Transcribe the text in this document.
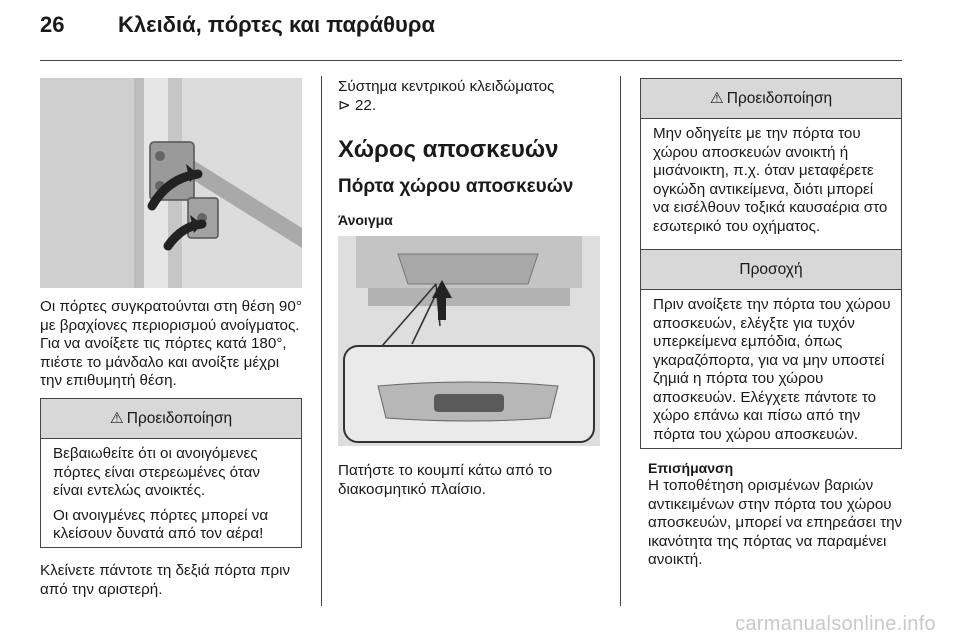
26 Κλειδιά, πόρτες και παράθυρα
Οι πόρτες συγκρατούνται στη θέση 90° με βραχίονες περιορισμού ανοίγματος. Για να ανοίξετε τις πόρτες κατά 180°, πιέστε το μάνδαλο και ανοίξτε μέχρι την επιθυμητή θέση.
⚠ Προειδοποίηση

Βεβαιωθείτε ότι οι ανοιγόμενες πόρτες είναι στερεωμένες όταν είναι εντελώς ανοικτές.

Οι ανοιγμένες πόρτες μπορεί να κλείσουν δυνατά από τον αέρα!

Κλείνετε πάντοτε τη δεξιά πόρτα πριν από την αριστερή.
Σύστημα κεντρικού κλειδώματος
⊳ 22.
Χώρος αποσκευών
Πόρτα χώρου αποσκευών
Άνοιγμα
Πατήστε το κουμπί κάτω από το διακοσμητικό πλαίσιο.
⚠ Προειδοποίηση

Μην οδηγείτε με την πόρτα του χώρου αποσκευών ανοικτή ή μισάνοικτη, π.χ. όταν μεταφέρετε ογκώδη αντικείμενα, διότι μπορεί να εισέλθουν τοξικά καυσαέρια στο εσωτερικό του οχήματος.

Προσοχή

Πριν ανοίξετε την πόρτα του χώρου αποσκευών, ελέγξτε για τυχόν υπερκείμενα εμπόδια, όπως γκαραζόπορτα, για να μην υποστεί ζημιά η πόρτα του χώρου αποσκευών. Ελέγχετε πάντοτε το χώρο επάνω και πίσω από την πόρτα του χώρου αποσκευών.

Επισήμανση
Η τοποθέτηση ορισμένων βαριών αντικειμένων στην πόρτα του χώρου αποσκευών, μπορεί να επηρεάσει την ικανότητα της πόρτας να παραμένει ανοικτή.
carmanualsonline.info
